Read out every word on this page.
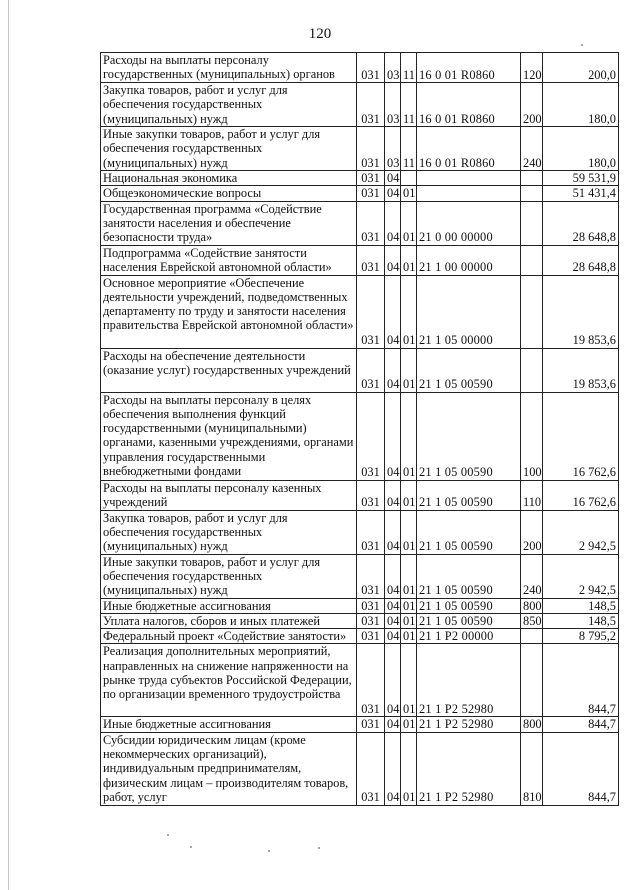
120
Расходы на выплаты персоналу государственных (муниципальных) органов	031	03	11	16 0 01 R0860	120	200,0
Закупка товаров, работ и услуг для обеспечения государственных (муниципальных) нужд	031	03	11	16 0 01 R0860	200	180,0
Иные закупки товаров, работ и услуг для обеспечения государственных (муниципальных) нужд	031	03	11	16 0 01 R0860	240	180,0
Национальная экономика	031	04				59 531,9
Общеэкономические вопросы	031	04	01			51 431,4
Государственная программа «Содействие занятости населения и обеспечение безопасности труда»	031	04	01	21 0 00 00000		28 648,8
Подпрограмма «Содействие занятости населения Еврейской автономной области»	031	04	01	21 1 00 00000		28 648,8
Основное мероприятие «Обеспечение деятельности учреждений, подведомственных департаменту по труду и занятости населения правительства Еврейской автономной области»	031	04	01	21 1 05 00000		19 853,6
Расходы на обеспечение деятельности (оказание услуг) государственных учреждений	031	04	01	21 1 05 00590		19 853,6
Расходы на выплаты персоналу в целях обеспечения выполнения функций государственными (муниципальными) органами, казенными учреждениями, органами управления государственными внебюджетными фондами	031	04	01	21 1 05 00590	100	16 762,6
Расходы на выплаты персоналу казенных учреждений	031	04	01	21 1 05 00590	110	16 762,6
Закупка товаров, работ и услуг для обеспечения государственных (муниципальных) нужд	031	04	01	21 1 05 00590	200	2 942,5
Иные закупки товаров, работ и услуг для обеспечения государственных (муниципальных) нужд	031	04	01	21 1 05 00590	240	2 942,5
Иные бюджетные ассигнования	031	04	01	21 1 05 00590	800	148,5
Уплата налогов, сборов и иных платежей	031	04	01	21 1 05 00590	850	148,5
Федеральный проект «Содействие занятости»	031	04	01	21 1 P2 00000		8 795,2
Реализация дополнительных мероприятий, направленных на снижение напряженности на рынке труда субъектов Российской Федерации, по организации временного трудоустройства	031	04	01	21 1 P2 52980		844,7
Иные бюджетные ассигнования	031	04	01	21 1 P2 52980	800	844,7
Субсидии юридическим лицам (кроме некоммерческих организаций), индивидуальным предпринимателям, физическим лицам – производителям товаров, работ, услуг	031	04	01	21 1 P2 52980	810	844,7
